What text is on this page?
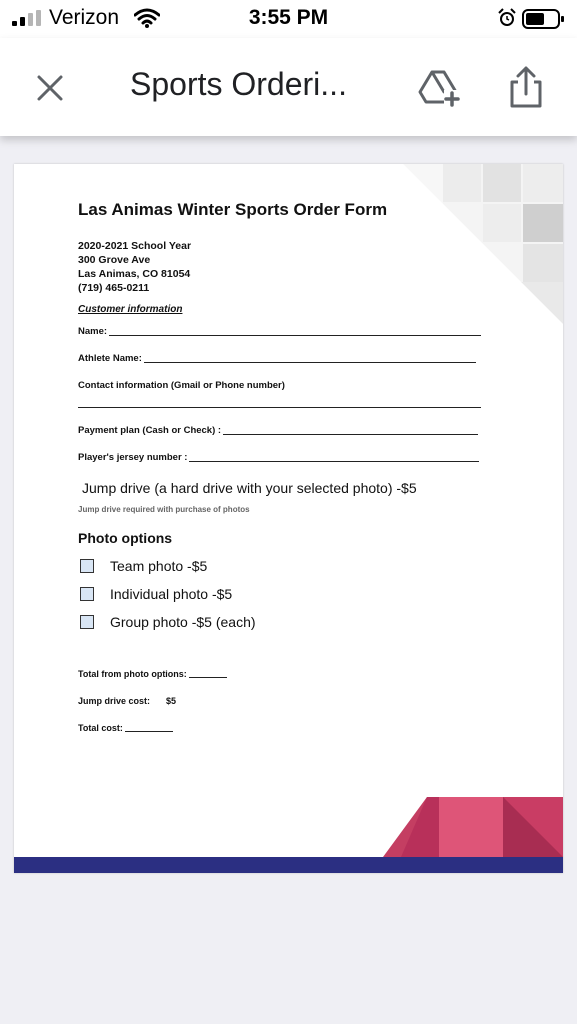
Verizon	3:55 PM
Sports Orderi...
Las Animas Winter Sports Order Form
2020-2021 School Year
300 Grove Ave
Las Animas, CO 81054
(719) 465-0211
Customer information
Name:
Athlete Name:
Contact information (Gmail or Phone number)
Payment plan (Cash or Check) :
Player's jersey number :
Jump drive (a hard drive with your selected photo) -$5
Jump drive required with purchase of photos
Photo options
Team photo -$5
Individual photo -$5
Group photo -$5 (each)
Total from photo options:
Jump drive cost: $5
Total cost:
